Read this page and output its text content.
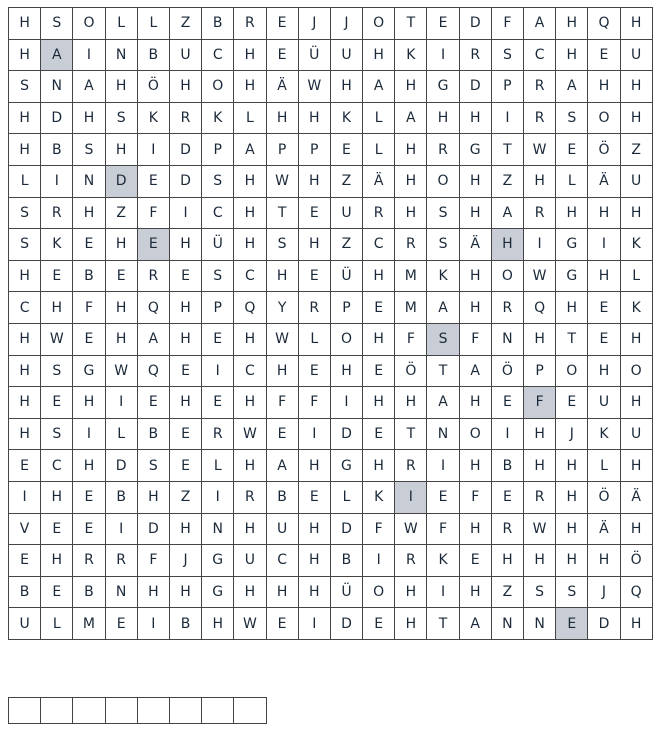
H	S	O	L	L	Z	B	R	E	J	J	O	T	E	D	F	A	H	Q	H
H	A	I	N	B	U	C	H	E	Ü	U	H	K	I	R	S	C	H	E	U
S	N	A	H	Ö	H	O	H	Ä	W	H	A	H	G	D	P	R	A	H	H
H	D	H	S	K	R	K	L	H	H	K	L	A	H	H	I	R	S	O	H
H	B	S	H	I	D	P	A	P	P	E	L	H	R	G	T	W	E	Ö	Z
L	I	N	D	E	D	S	H	W	H	Z	Ä	H	O	H	Z	H	L	Ä	U
S	R	H	Z	F	I	C	H	T	E	U	R	H	S	H	A	R	H	H	H
S	K	E	H	E	H	Ü	H	S	H	Z	C	R	S	Ä	H	I	G	I	K
H	E	B	E	R	E	S	C	H	E	Ü	H	M	K	H	O	W	G	H	L
C	H	F	H	Q	H	P	Q	Y	R	P	E	M	A	H	R	Q	H	E	K
H	W	E	H	A	H	E	H	W	L	O	H	F	S	F	N	H	T	E	H
H	S	G	W	Q	E	I	C	H	E	H	E	Ö	T	A	Ö	P	O	H	O
H	E	H	I	E	H	E	H	F	F	I	H	H	A	H	E	F	E	U	H
H	S	I	L	B	E	R	W	E	I	D	E	T	N	O	I	H	J	K	U
E	C	H	D	S	E	L	H	A	H	G	H	R	I	H	B	H	H	L	H
I	H	E	B	H	Z	I	R	B	E	L	K	I	E	F	E	R	H	Ö	Ä
V	E	E	I	D	H	N	H	U	H	D	F	W	F	H	R	W	H	Ä	H
E	H	R	R	F	J	G	U	C	H	B	I	R	K	E	H	H	H	H	Ö
B	E	B	N	H	H	G	H	H	H	Ü	O	H	I	H	Z	S	S	J	Q
U	L	M	E	I	B	H	W	E	I	D	E	H	T	A	N	N	E	D	H
